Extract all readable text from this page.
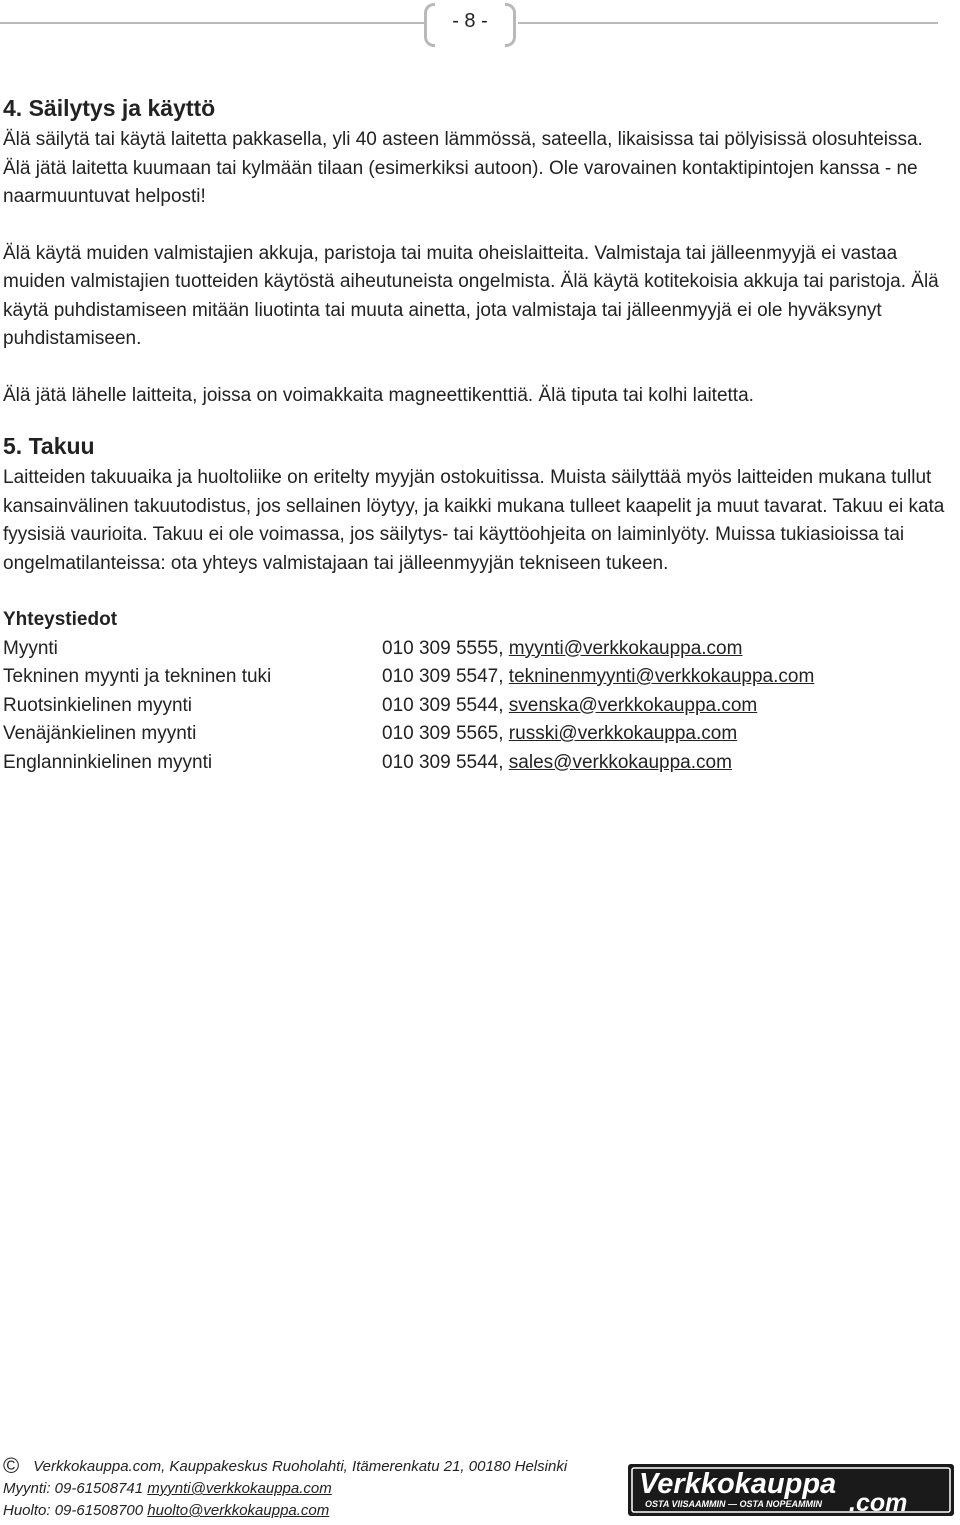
- 8 -
4. Säilytys ja käyttö

Älä säilytä tai käytä laitetta pakkasella, yli 40 asteen lämmössä, sateella, likaisissa tai pölyisissä olosuhteissa. Älä jätä laitetta kuumaan tai kylmään tilaan (esimerkiksi autoon). Ole varovainen kontaktipintojen kanssa - ne naarmuuntuvat helposti!

Älä käytä muiden valmistajien akkuja, paristoja tai muita oheislaitteita. Valmistaja tai jälleenmyyjä ei vastaa muiden valmistajien tuotteiden käytöstä aiheutuneista ongelmista. Älä käytä kotitekoisia akkuja tai paristoja. Älä käytä puhdistamiseen mitään liuotinta tai muuta ainetta, jota valmistaja tai jälleenmyyjä ei ole hyväksynyt puhdistamiseen.

Älä jätä lähelle laitteita, joissa on voimakkaita magneettikenttiä. Älä tiputa tai kolhi laitetta.

5. Takuu

Laitteiden takuuaika ja huoltoliike on eritelty myyjän ostokuitissa. Muista säilyttää myös laitteiden mukana tullut kansainvälinen takuutodistus, jos sellainen löytyy, ja kaikki mukana tulleet kaapelit ja muut tavarat. Takuu ei kata fyysisiä vaurioita. Takuu ei ole voimassa, jos säilytys- tai käyttöohjeita on laiminlyöty. Muissa tukiasioissa tai ongelmatilanteissa: ota yhteys valmistajaan tai jälleenmyyjän tekniseen tukeen.

Yhteystiedot
Myynti	010 309 5555, myynti@verkkokauppa.com
Tekninen myynti ja tekninen tuki	010 309 5547, tekninenmyynti@verkkokauppa.com
Ruotsinkielinen myynti	010 309 5544, svenska@verkkokauppa.com
Venäjänkielinen myynti	010 309 5565, russki@verkkokauppa.com
Englanninkielinen myynti	010 309 5544, sales@verkkokauppa.com
© Verkkokauppa.com, Kauppakeskus Ruoholahti, Itämerenkatu 21, 00180 Helsinki
Myynti: 09-61508741 myynti@verkkokauppa.com
Huolto: 09-61508700 huolto@verkkokauppa.com
Verkkokauppa
OSTA VIISAAMMIN — OSTA NOPEAMMIN .com
